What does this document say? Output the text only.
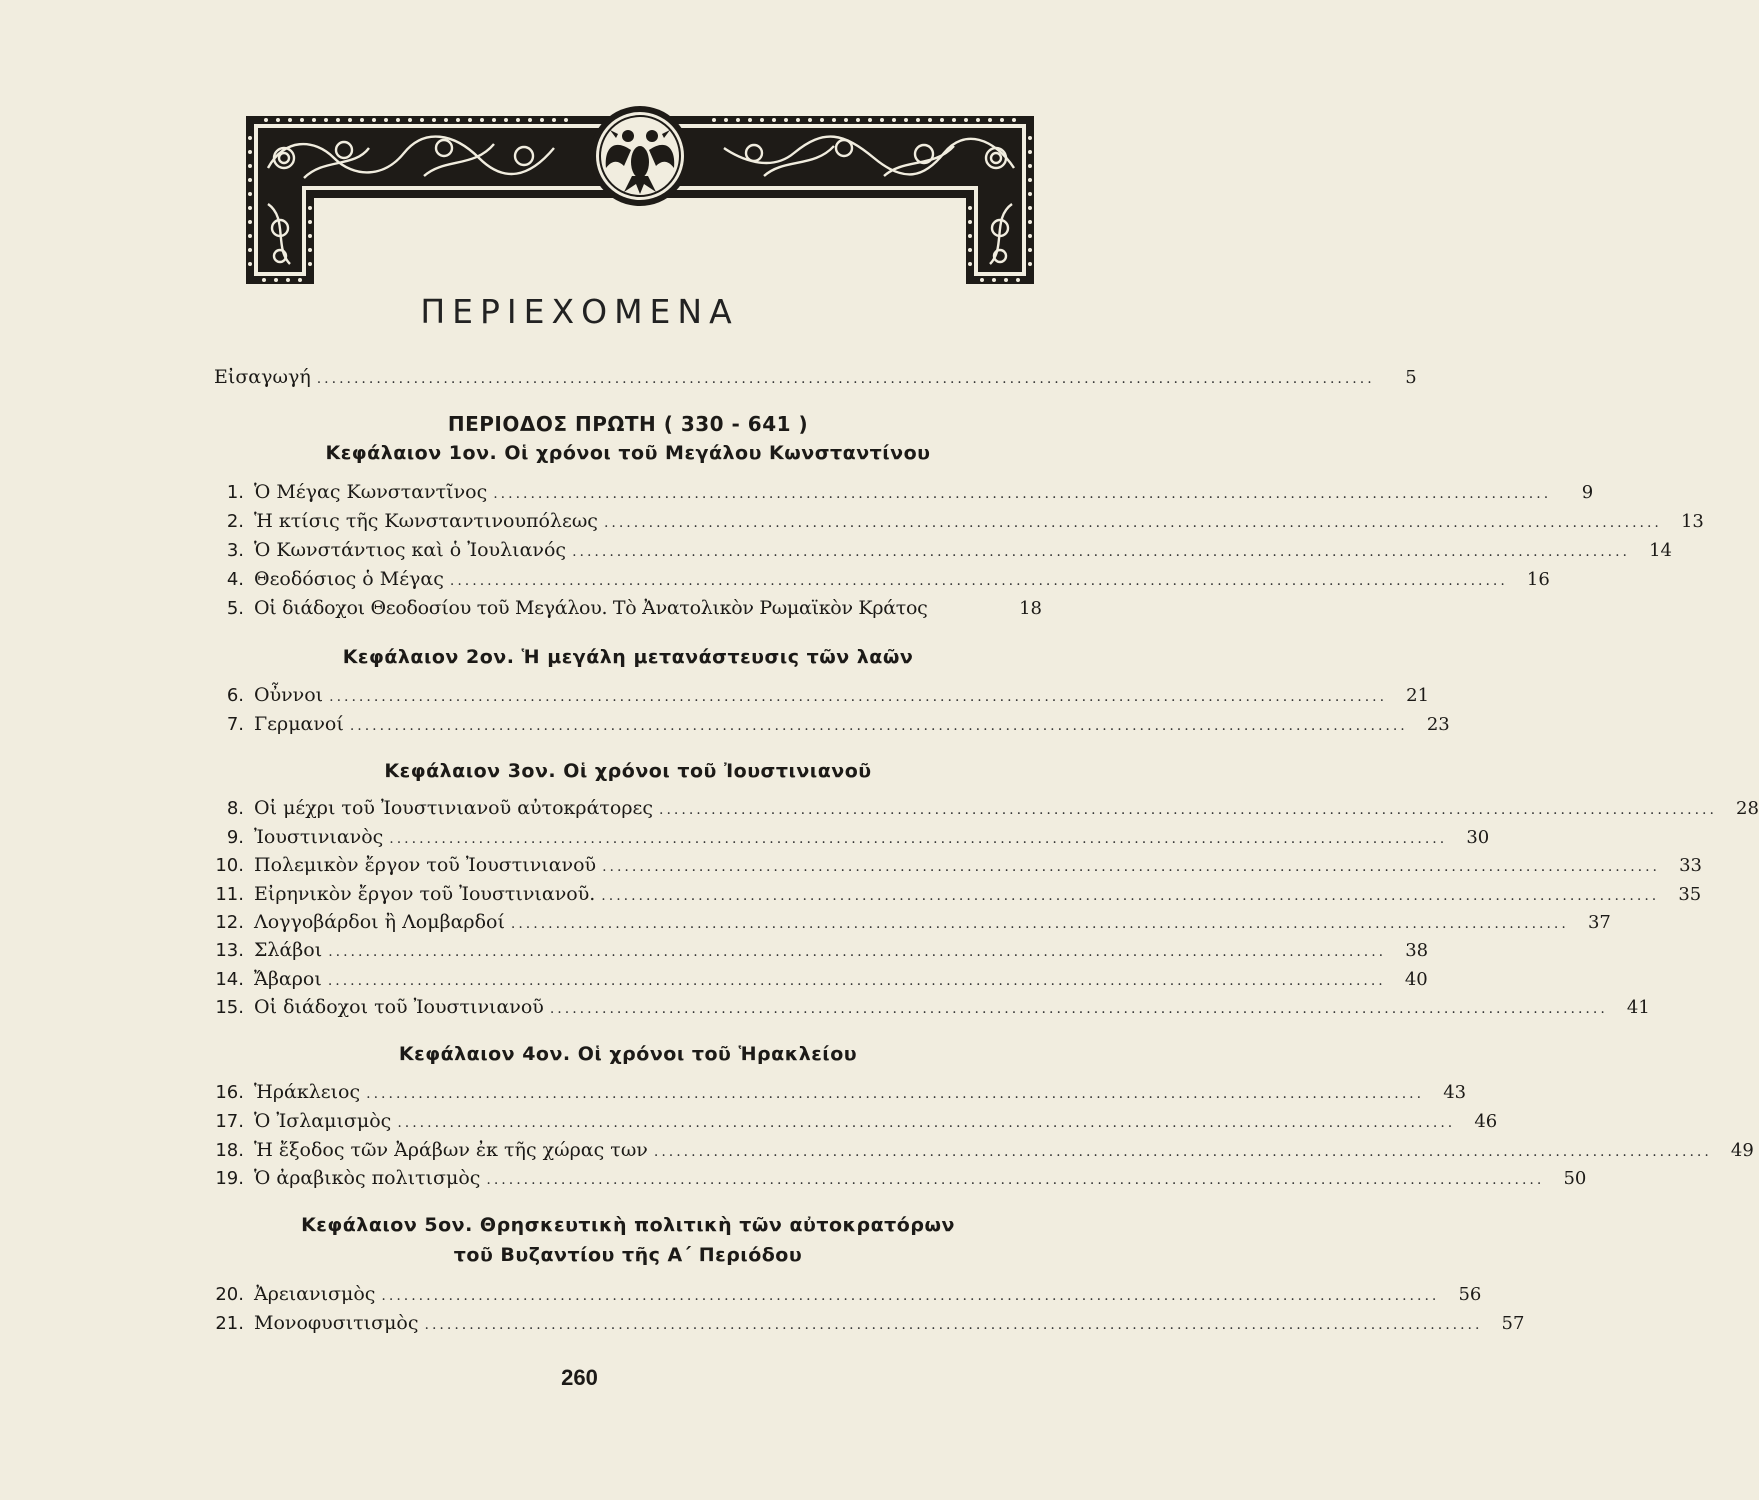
ΠΕΡΙΕΧΟΜΕΝΑ
Εἰσαγωγή ..............................................................................................................................................	5
ΠΕΡΙΟΔΟΣ ΠΡΩΤΗ ( 330 - 641 )
Κεφάλαιον 1ον. Οἱ χρόνοι τοῦ Μεγάλου Κωνσταντίνου
1. Ὁ Μέγας Κωνσταντῖνος ..............................................................................................................................................	9
2. Ἡ κτίσις τῆς Κωνσταντινουπόλεως ..............................................................................................................................................	13
3. Ὁ Κωνστάντιος καὶ ὁ Ἰουλιανός ..............................................................................................................................................	14
4. Θεοδόσιος ὁ Μέγας ..............................................................................................................................................	16
5. Οἱ διάδοχοι Θεοδοσίου τοῦ Μεγάλου. Τὸ Ἀνατολικὸν Ρωμαϊκὸν Κράτος	18
Κεφάλαιον 2ον. Ἡ μεγάλη μετανάστευσις τῶν λαῶν
6. Οὖννοι ..............................................................................................................................................	21
7. Γερμανοί ..............................................................................................................................................	23
Κεφάλαιον 3ον. Οἱ χρόνοι τοῦ Ἰουστινιανοῦ
8. Οἱ μέχρι τοῦ Ἰουστινιανοῦ αὐτοκράτορες ..............................................................................................................................................	28
9. Ἰουστινιανὸς ..............................................................................................................................................	30
10. Πολεμικὸν ἔργον τοῦ Ἰουστινιανοῦ ..............................................................................................................................................	33
11. Εἰρηνικὸν ἔργον τοῦ Ἰουστινιανοῦ. ..............................................................................................................................................	35
12. Λογγοβάρδοι ἢ Λομβαρδοί ..............................................................................................................................................	37
13. Σλάβοι ..............................................................................................................................................	38
14. Ἄβαροι ..............................................................................................................................................	40
15. Οἱ διάδοχοι τοῦ Ἰουστινιανοῦ ..............................................................................................................................................	41
Κεφάλαιον 4ον. Οἱ χρόνοι τοῦ Ἡρακλείου
16. Ἡράκλειος ..............................................................................................................................................	43
17. Ὁ Ἰσλαμισμὸς ..............................................................................................................................................	46
18. Ἡ ἔξοδος τῶν Ἀράβων ἐκ τῆς χώρας των ..............................................................................................................................................	49
19. Ὁ ἀραβικὸς πολιτισμὸς ..............................................................................................................................................	50
Κεφάλαιον 5ον. Θρησκευτικὴ πολιτικὴ τῶν αὐτοκρατόρων
τοῦ Βυζαντίου τῆς Α΄ Περιόδου
20. Ἀρειανισμὸς ..............................................................................................................................................	56
21. Μονοφυσιτισμὸς ..............................................................................................................................................	57
260
